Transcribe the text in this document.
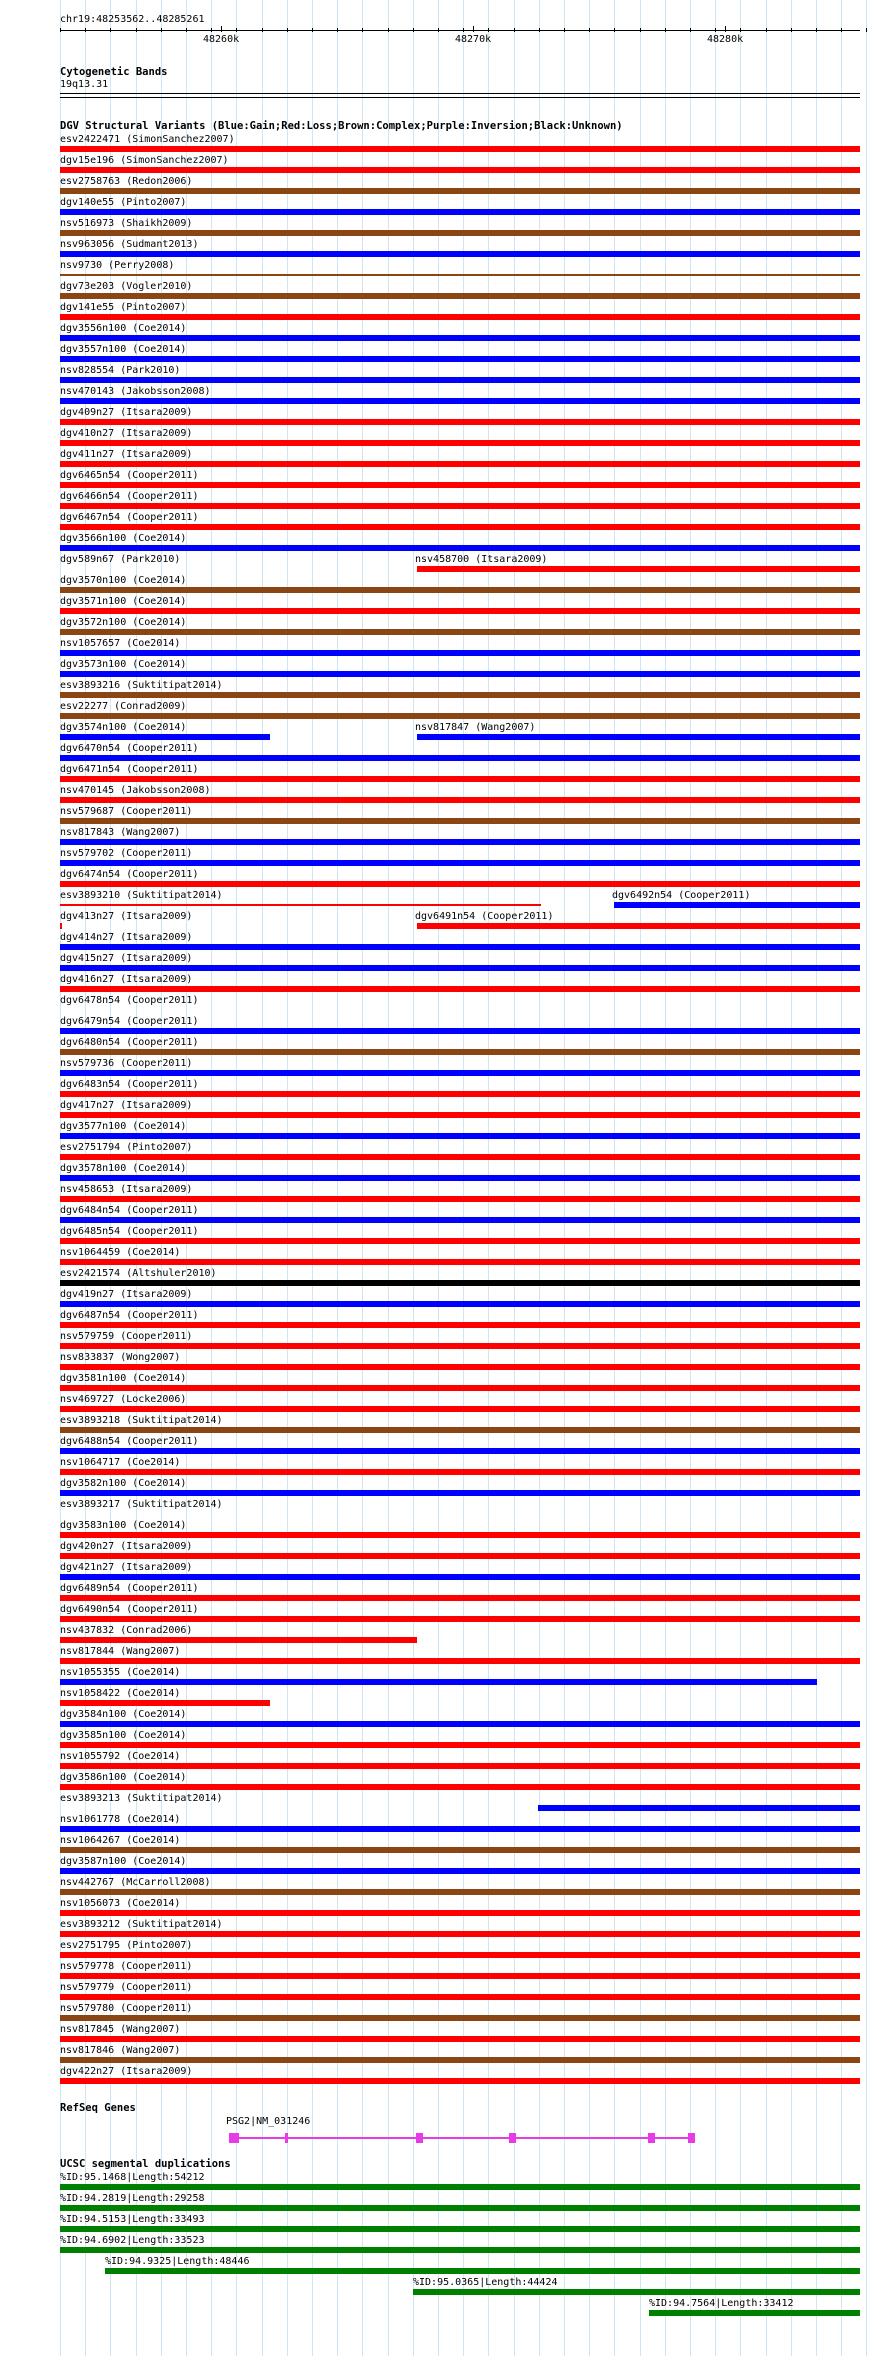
chr19:48253562..48285261
48260k	48270k	48280k
Cytogenetic Bands
19q13.31
DGV Structural Variants (Blue:Gain;Red:Loss;Brown:Complex;Purple:Inversion;Black:Unknown)
esv2422471 (SimonSanchez2007)
dgv15e196 (SimonSanchez2007)
esv2758763 (Redon2006)
dgv140e55 (Pinto2007)
nsv516973 (Shaikh2009)
nsv963056 (Sudmant2013)
nsv9730 (Perry2008)
dgv73e203 (Vogler2010)
dgv141e55 (Pinto2007)
dgv3556n100 (Coe2014)
dgv3557n100 (Coe2014)
nsv828554 (Park2010)
nsv470143 (Jakobsson2008)
dgv409n27 (Itsara2009)
dgv410n27 (Itsara2009)
dgv411n27 (Itsara2009)
dgv6465n54 (Cooper2011)
dgv6466n54 (Cooper2011)
dgv6467n54 (Cooper2011)
dgv3566n100 (Coe2014)
dgv589n67 (Park2010)	nsv458700 (Itsara2009)
dgv3570n100 (Coe2014)
dgv3571n100 (Coe2014)
dgv3572n100 (Coe2014)
nsv1057657 (Coe2014)
dgv3573n100 (Coe2014)
esv3893216 (Suktitipat2014)
esv22277 (Conrad2009)
dgv3574n100 (Coe2014)	nsv817847 (Wang2007)
dgv6470n54 (Cooper2011)
dgv6471n54 (Cooper2011)
nsv470145 (Jakobsson2008)
nsv579687 (Cooper2011)
nsv817843 (Wang2007)
nsv579702 (Cooper2011)
dgv6474n54 (Cooper2011)
esv3893210 (Suktitipat2014)	dgv6492n54 (Cooper2011)
dgv413n27 (Itsara2009)	dgv6491n54 (Cooper2011)
dgv414n27 (Itsara2009)
dgv415n27 (Itsara2009)
dgv416n27 (Itsara2009)
dgv6478n54 (Cooper2011)
dgv6479n54 (Cooper2011)
dgv6480n54 (Cooper2011)
nsv579736 (Cooper2011)
dgv6483n54 (Cooper2011)
dgv417n27 (Itsara2009)
dgv3577n100 (Coe2014)
esv2751794 (Pinto2007)
dgv3578n100 (Coe2014)
nsv458653 (Itsara2009)
dgv6484n54 (Cooper2011)
dgv6485n54 (Cooper2011)
nsv1064459 (Coe2014)
esv2421574 (Altshuler2010)
dgv419n27 (Itsara2009)
dgv6487n54 (Cooper2011)
nsv579759 (Cooper2011)
nsv833837 (Wong2007)
dgv3581n100 (Coe2014)
nsv469727 (Locke2006)
esv3893218 (Suktitipat2014)
dgv6488n54 (Cooper2011)
nsv1064717 (Coe2014)
dgv3582n100 (Coe2014)
esv3893217 (Suktitipat2014)
dgv3583n100 (Coe2014)
dgv420n27 (Itsara2009)
dgv421n27 (Itsara2009)
dgv6489n54 (Cooper2011)
dgv6490n54 (Cooper2011)
nsv437832 (Conrad2006)
nsv817844 (Wang2007)
nsv1055355 (Coe2014)
nsv1058422 (Coe2014)
dgv3584n100 (Coe2014)
dgv3585n100 (Coe2014)
nsv1055792 (Coe2014)
dgv3586n100 (Coe2014)
esv3893213 (Suktitipat2014)
nsv1061778 (Coe2014)
nsv1064267 (Coe2014)
dgv3587n100 (Coe2014)
nsv442767 (McCarroll2008)
nsv1056073 (Coe2014)
esv3893212 (Suktitipat2014)
esv2751795 (Pinto2007)
nsv579778 (Cooper2011)
nsv579779 (Cooper2011)
nsv579780 (Cooper2011)
nsv817845 (Wang2007)
nsv817846 (Wang2007)
dgv422n27 (Itsara2009)
RefSeq Genes
PSG2|NM_031246
UCSC segmental duplications
%ID:95.1468|Length:54212
%ID:94.2819|Length:29258
%ID:94.5153|Length:33493
%ID:94.6902|Length:33523
%ID:94.9325|Length:48446
%ID:95.0365|Length:44424
%ID:94.7564|Length:33412
